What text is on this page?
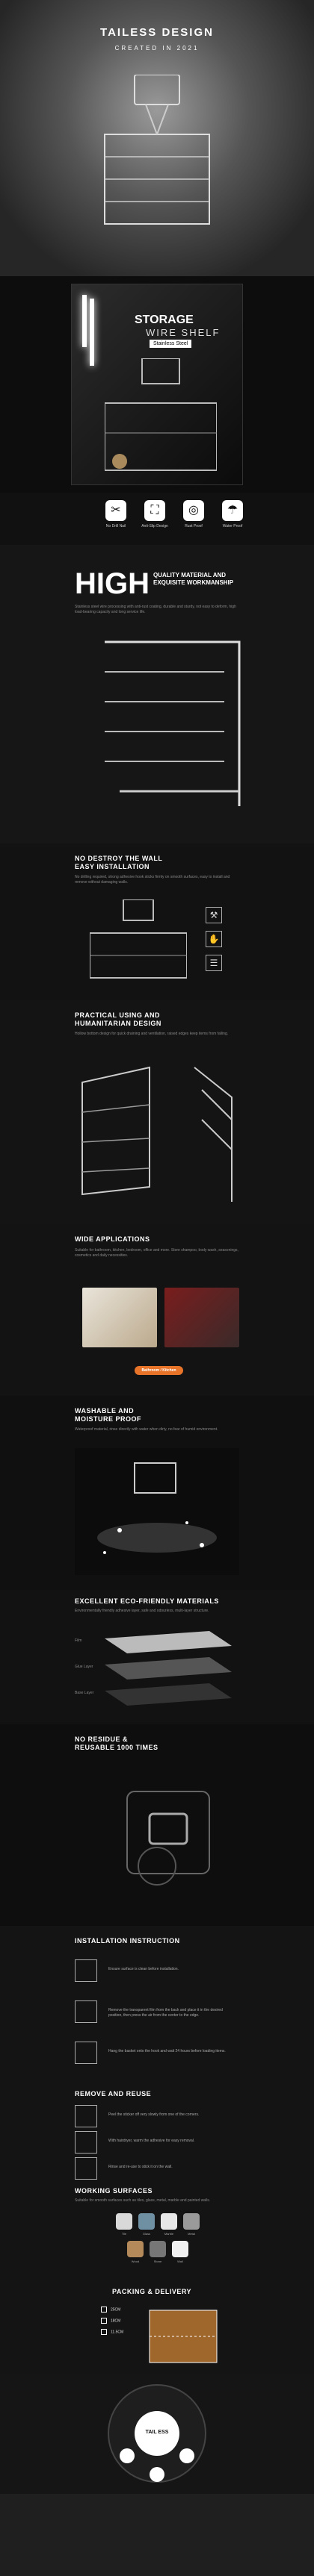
TAILESS DESIGN
CREATED IN 2021
STORAGE
WIRE SHELF
Stainless Steel
✂
No Drill Nail
⛶
Anti-Slip Design
◎
Rust Proof
☂
Water Proof
HIGH QUALITY MATERIAL AND
EXQUISITE WORKMANSHIP
Stainless steel wire processing with anti-rust coating, durable and sturdy, not easy to deform, high load-bearing capacity and long service life.
NO DESTROY THE WALL
EASY INSTALLATION
No drilling required, strong adhesive hook sticks firmly on smooth surfaces, easy to install and remove without damaging walls.
⚒
✋
☰
PRACTICAL USING AND
HUMANITARIAN DESIGN
Hollow bottom design for quick draining and ventilation, raised edges keep items from falling.
WIDE APPLICATIONS
Suitable for bathroom, kitchen, bedroom, office and more. Store shampoo, body wash, seasonings, cosmetics and daily necessities.
Bathroom / Kitchen
WASHABLE AND
MOISTURE PROOF
Waterproof material, rinse directly with water when dirty, no fear of humid environment.
EXCELLENT ECO-FRIENDLY MATERIALS
Environmentally friendly adhesive layer, safe and odourless, multi-layer structure.
Film
Glue Layer
Base Layer
NO RESIDUE &
REUSABLE 1000 TIMES
INSTALLATION INSTRUCTION
Ensure surface is clean before installation.
Remove the transparent film from the back and place it in the desired position, then press the air from the center to the edge.
Hang the basket onto the hook and wait 24 hours before loading items.
REMOVE AND REUSE
Peel the sticker off very slowly from one of the corners.
With hairdryer, warm the adhesive for easy removal.
Rinse and re-use to stick it on the wall.
WORKING SURFACES
Suitable for smooth surfaces such as tiles, glass, metal, marble and painted walls.
Tile	Glass	Marble	Metal
Wood	Stone	Wall
PACKING & DELIVERY
25CM
18CM
11.5CM
TAIL ESS
